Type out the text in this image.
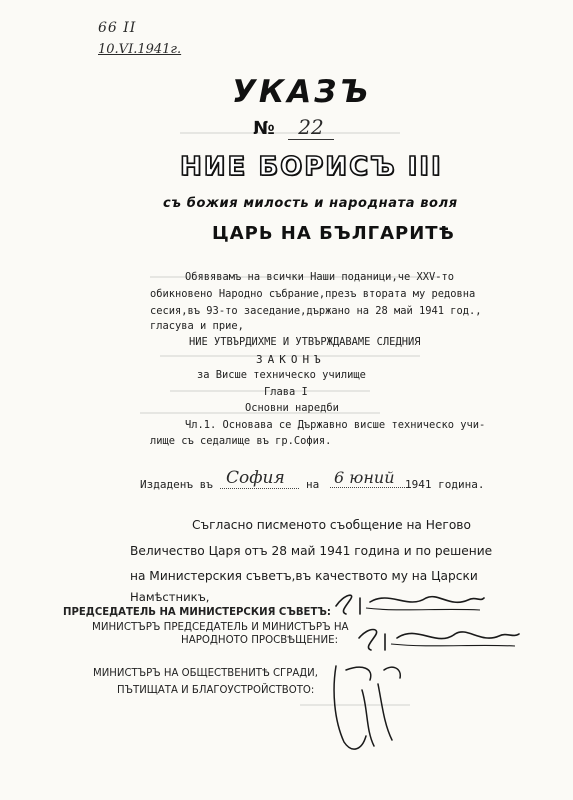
66 ІІ
10.VI.1941г.
УКАЗЪ
№ 22
НИЕ БОРИСЪ III
съ божия милость и народната воля
ЦАРЬ НА БЪЛГАРИТѢ
Обявявамъ на всички Наши поданици,че XXV-то
обикновено Народно събрание,презъ втората му редовна
сесия,въ 93-то заседание,държано на 28 май 1941 год.,
гласува и прие,
НИЕ УТВЪРДИХМЕ И УТВЪРЖДАВАМЕ СЛЕДНИЯ
ЗАКОНЪ
за Висше техническо училище
Глава I
Основни наредби
Чл.1. Основава се Държавно висше техническо учи-
лище съ седалище въ гр.София.
Издаденъ въ София	на 6 юний 1941 година.
Съгласно писменото съобщение на Негово
Величество Царя отъ 28 май 1941 година и по решение
на Министерския съветъ,въ качеството му на Царски
Намѣстникъ,
ПРЕДСЕДАТЕЛЬ НА МИНИСТЕРСКИЯ СЪВЕТЪ:
МИНИСТЪРЪ ПРЕДСЕДАТЕЛЬ И МИНИСТЪРЪ НА
НАРОДНОТО ПРОСВѢЩЕНИЕ:
МИНИСТЪРЪ НА ОБЩЕСТВЕНИТѢ СГРАДИ,
ПЪТИЩАТА И БЛАГОУСТРОЙСТВОТО:
